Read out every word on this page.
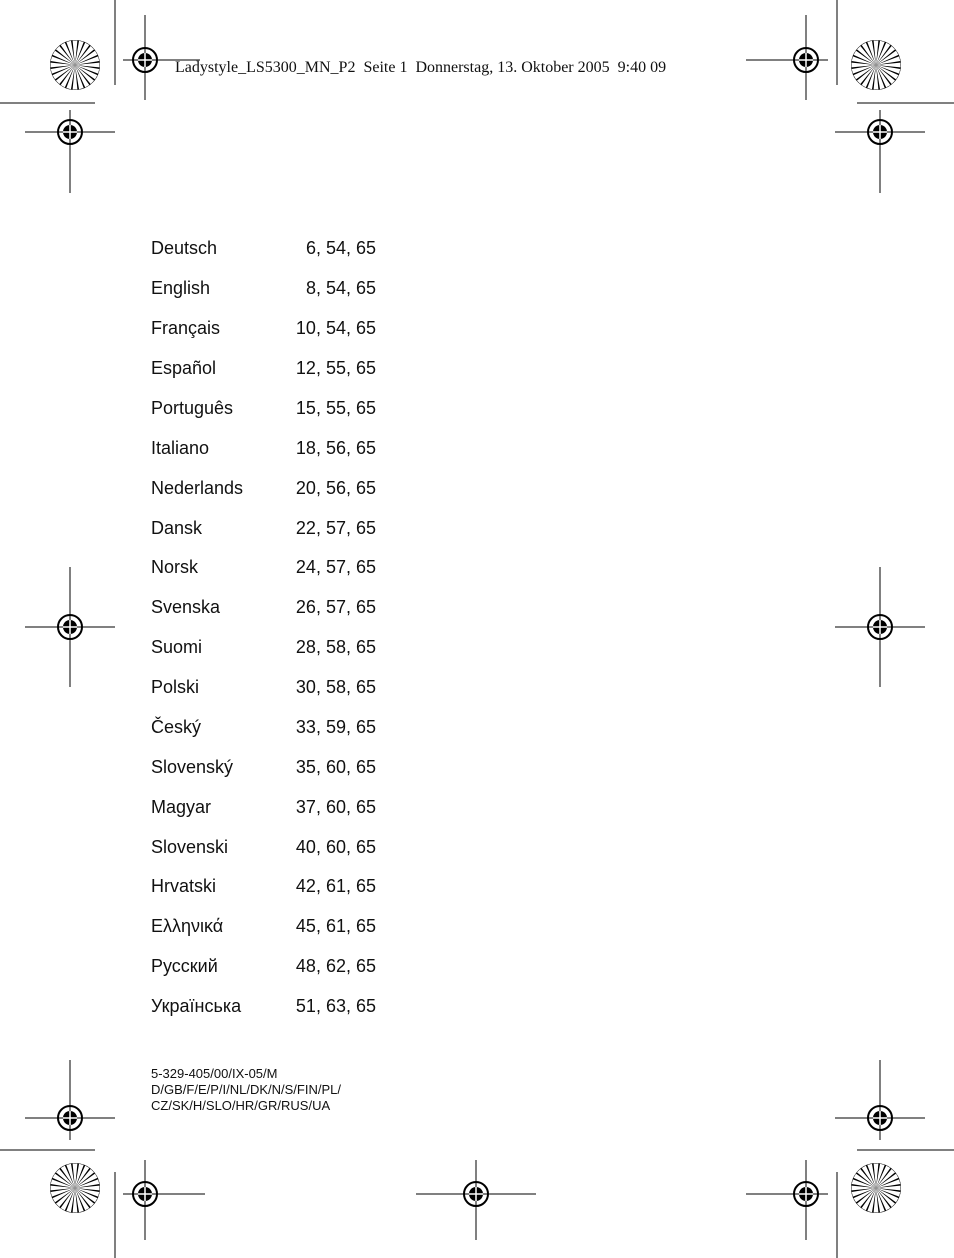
Ladystyle_LS5300_MN_P2  Seite 1  Donnerstag, 13. Oktober 2005  9:40 09
Deutsch	6, 54, 65
English	8, 54, 65
Français	10, 54, 65
Español	12, 55, 65
Português	15, 55, 65
Italiano	18, 56, 65
Nederlands	20, 56, 65
Dansk	22, 57, 65
Norsk	24, 57, 65
Svenska	26, 57, 65
Suomi	28, 58, 65
Polski	30, 58, 65
Český	33, 59, 65
Slovenský	35, 60, 65
Magyar	37, 60, 65
Slovenski	40, 60, 65
Hrvatski	42, 61, 65
Ελληνικά	45, 61, 65
Русский	48, 62, 65
Українська	51, 63, 65
5-329-405/00/IX-05/M
D/GB/F/E/P/I/NL/DK/N/S/FIN/PL/
CZ/SK/H/SLO/HR/GR/RUS/UA
